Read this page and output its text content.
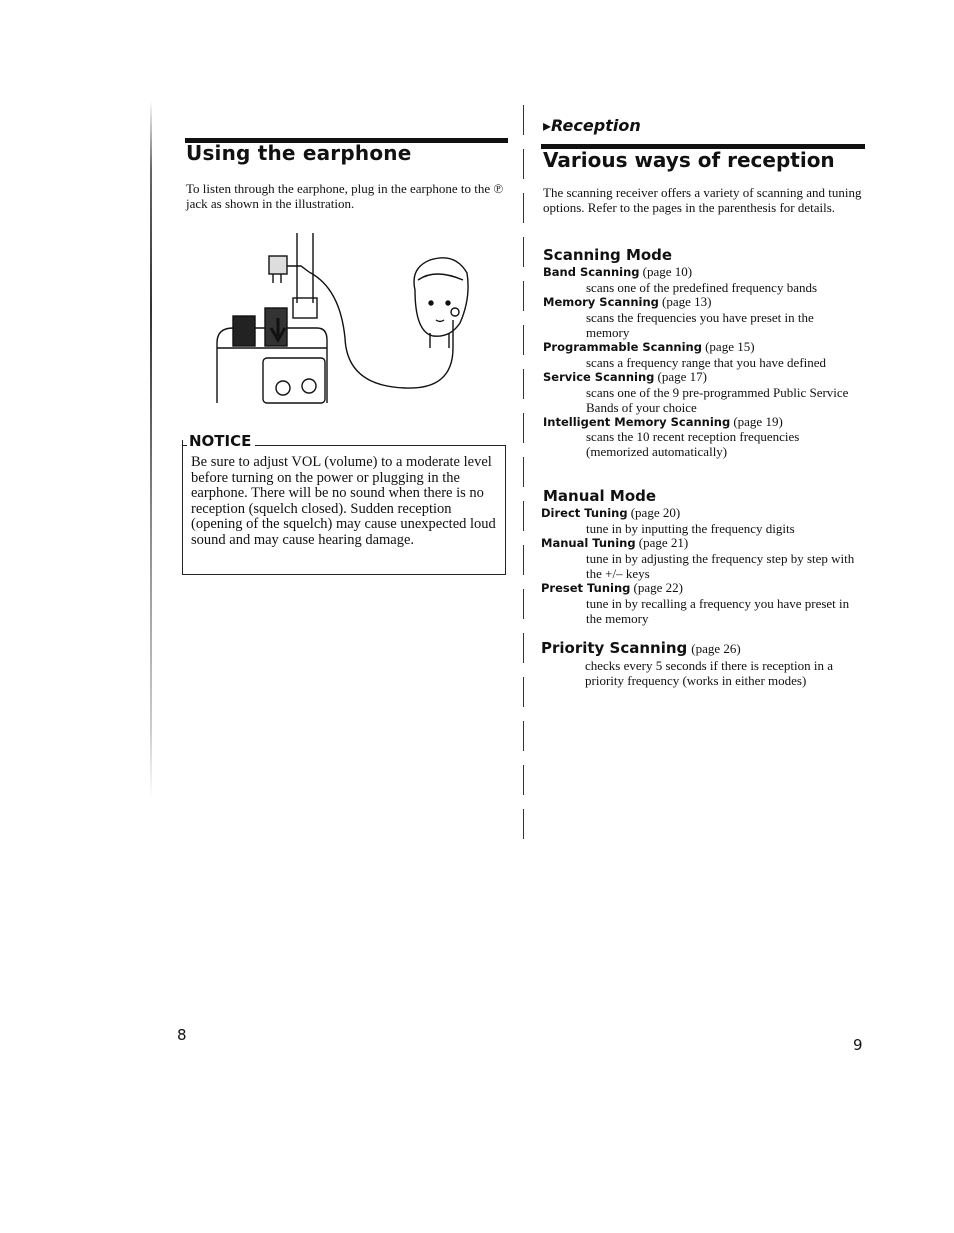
Using the earphone
To listen through the earphone, plug in the earphone to the ℗ jack as shown in the illustration.
NOTICE
Be sure to adjust VOL (volume) to a moderate level before turning on the power or plugging in the earphone. There will be no sound when there is no reception (squelch closed). Sudden reception (opening of the squelch) may cause unexpected loud sound and may cause hearing damage.
8
▸Reception
Various ways of reception
The scanning receiver offers a variety of scanning and tuning options. Refer to the pages in the parenthesis for details.
Scanning Mode
Band Scanning (page 10)
scans one of the predefined frequency bands
Memory Scanning (page 13)
scans the frequencies you have preset in the memory
Programmable Scanning (page 15)
scans a frequency range that you have defined
Service Scanning (page 17)
scans one of the 9 pre-programmed Public Service Bands of your choice
Intelligent Memory Scanning (page 19)
scans the 10 recent reception frequencies (memorized automatically)
Manual Mode
Direct Tuning (page 20)
tune in by inputting the frequency digits
Manual Tuning (page 21)
tune in by adjusting the frequency step by step with the +/– keys
Preset Tuning (page 22)
tune in by recalling a frequency you have preset in the memory
Priority Scanning (page 26)
checks every 5 seconds if there is reception in a priority frequency (works in either modes)
9
